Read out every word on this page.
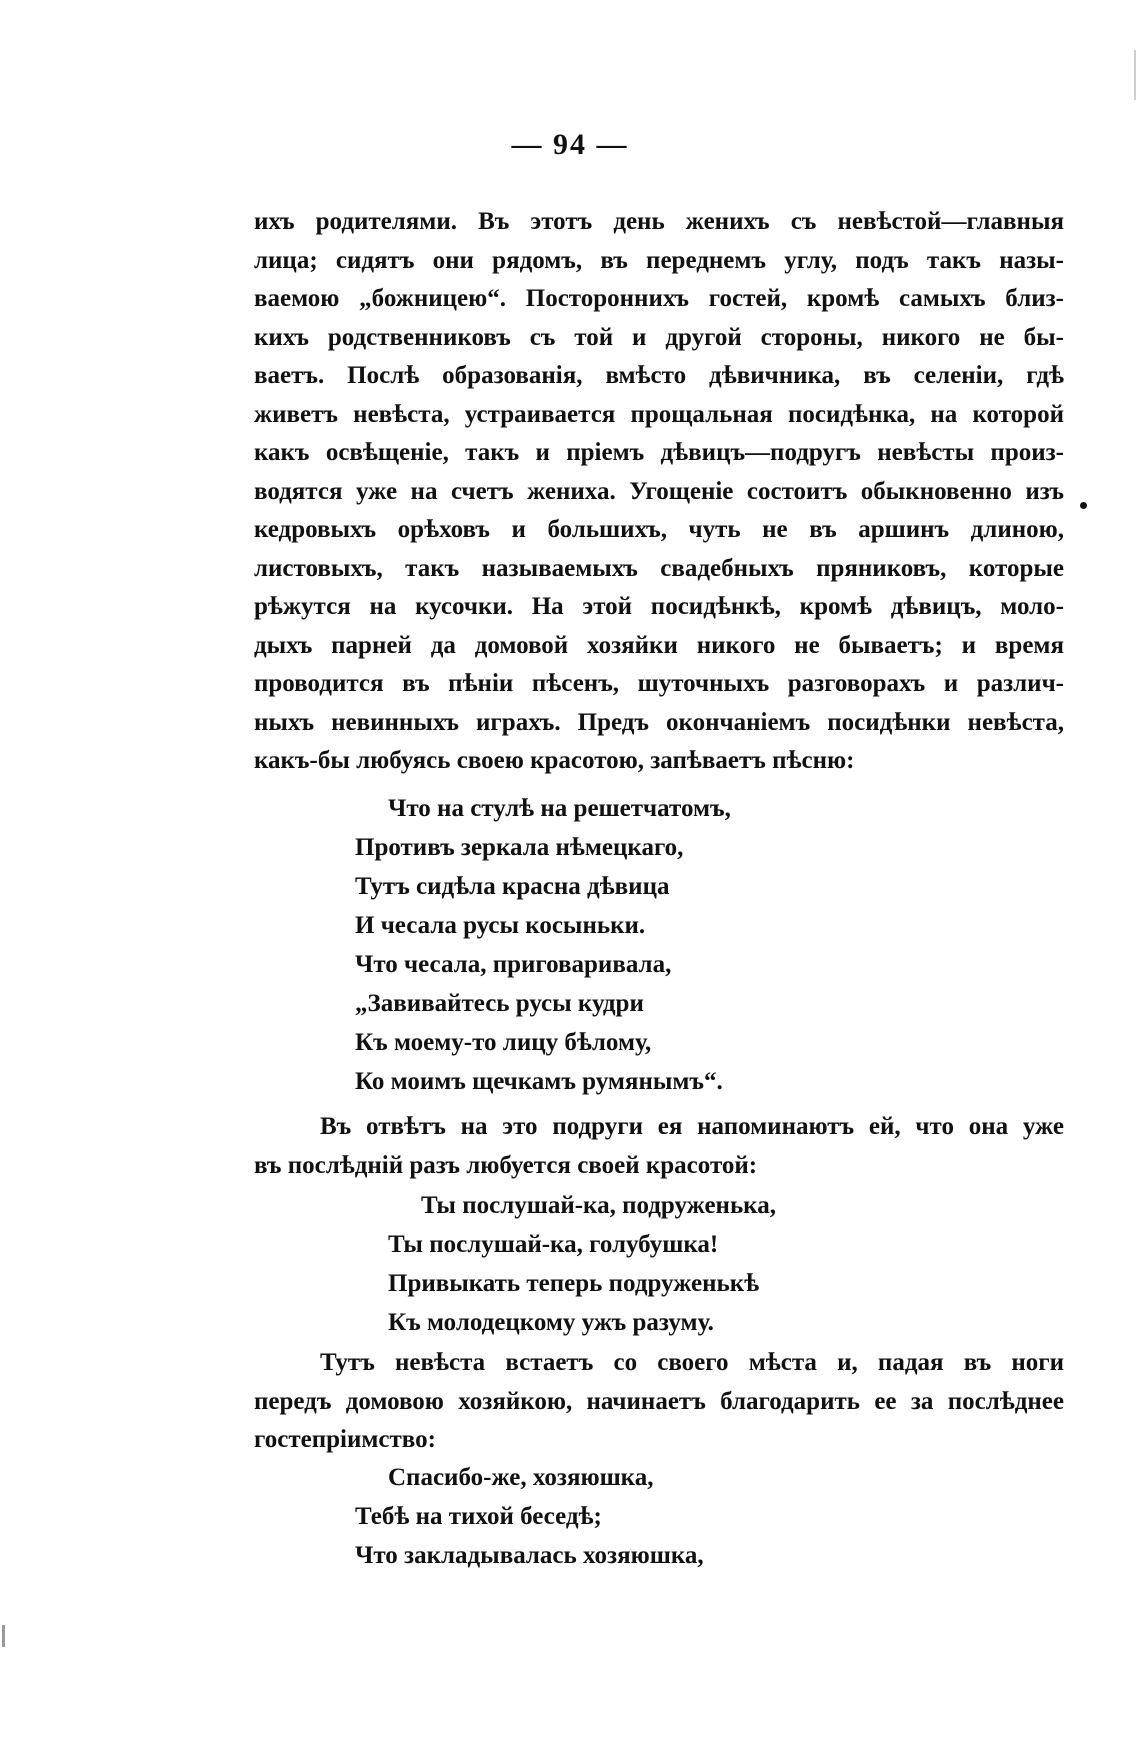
— 94 —
ихъ родителями. Въ этотъ день женихъ съ невѣстой—главныя
лица; сидятъ они рядомъ, въ переднемъ углу, подъ такъ назы-
ваемою „божницею“. Постороннихъ гостей, кромѣ самыхъ близ-
кихъ родственниковъ съ той и другой стороны, никого не бы-
ваетъ. Послѣ образованія, вмѣсто дѣвичника, въ селеніи, гдѣ
живетъ невѣста, устраивается прощальная посидѣнка, на которой
какъ освѣщеніе, такъ и пріемъ дѣвицъ—подругъ невѣсты произ-
водятся уже на счетъ жениха. Угощеніе состоитъ обыкновенно изъ
кедровыхъ орѣховъ и большихъ, чуть не въ аршинъ длиною,
листовыхъ, такъ называемыхъ свадебныхъ пряниковъ, которые
рѣжутся на кусочки. На этой посидѣнкѣ, кромѣ дѣвицъ, моло-
дыхъ парней да домовой хозяйки никого не бываетъ; и время
проводится въ пѣніи пѣсенъ, шуточныхъ разговорахъ и различ-
ныхъ невинныхъ играхъ. Предъ окончаніемъ посидѣнки невѣста,
какъ-бы любуясь своею красотою, запѣваетъ пѣсню:
Что на стулѣ на решетчатомъ,
Противъ зеркала нѣмецкаго,
Тутъ сидѣла красна дѣвица
И чесала русы косыньки.
Что чесала, приговаривала,
„Завивайтесь русы кудри
Къ моему-то лицу бѣлому,
Ко моимъ щечкамъ румянымъ“.
Въ отвѣтъ на это подруги ея напоминаютъ ей, что она уже
въ послѣдній разъ любуется своей красотой:
Ты послушай-ка, подруженька,
Ты послушай-ка, голубушка!
Привыкать теперь подруженькѣ
Къ молодецкому ужъ разуму.
Тутъ невѣста встаетъ со своего мѣста и, падая въ ноги
передъ домовою хозяйкою, начинаетъ благодарить ее за послѣднее
гостепріимство:
Спасибо-же, хозяюшка,
Тебѣ на тихой беседѣ;
Что закладывалась хозяюшка,
